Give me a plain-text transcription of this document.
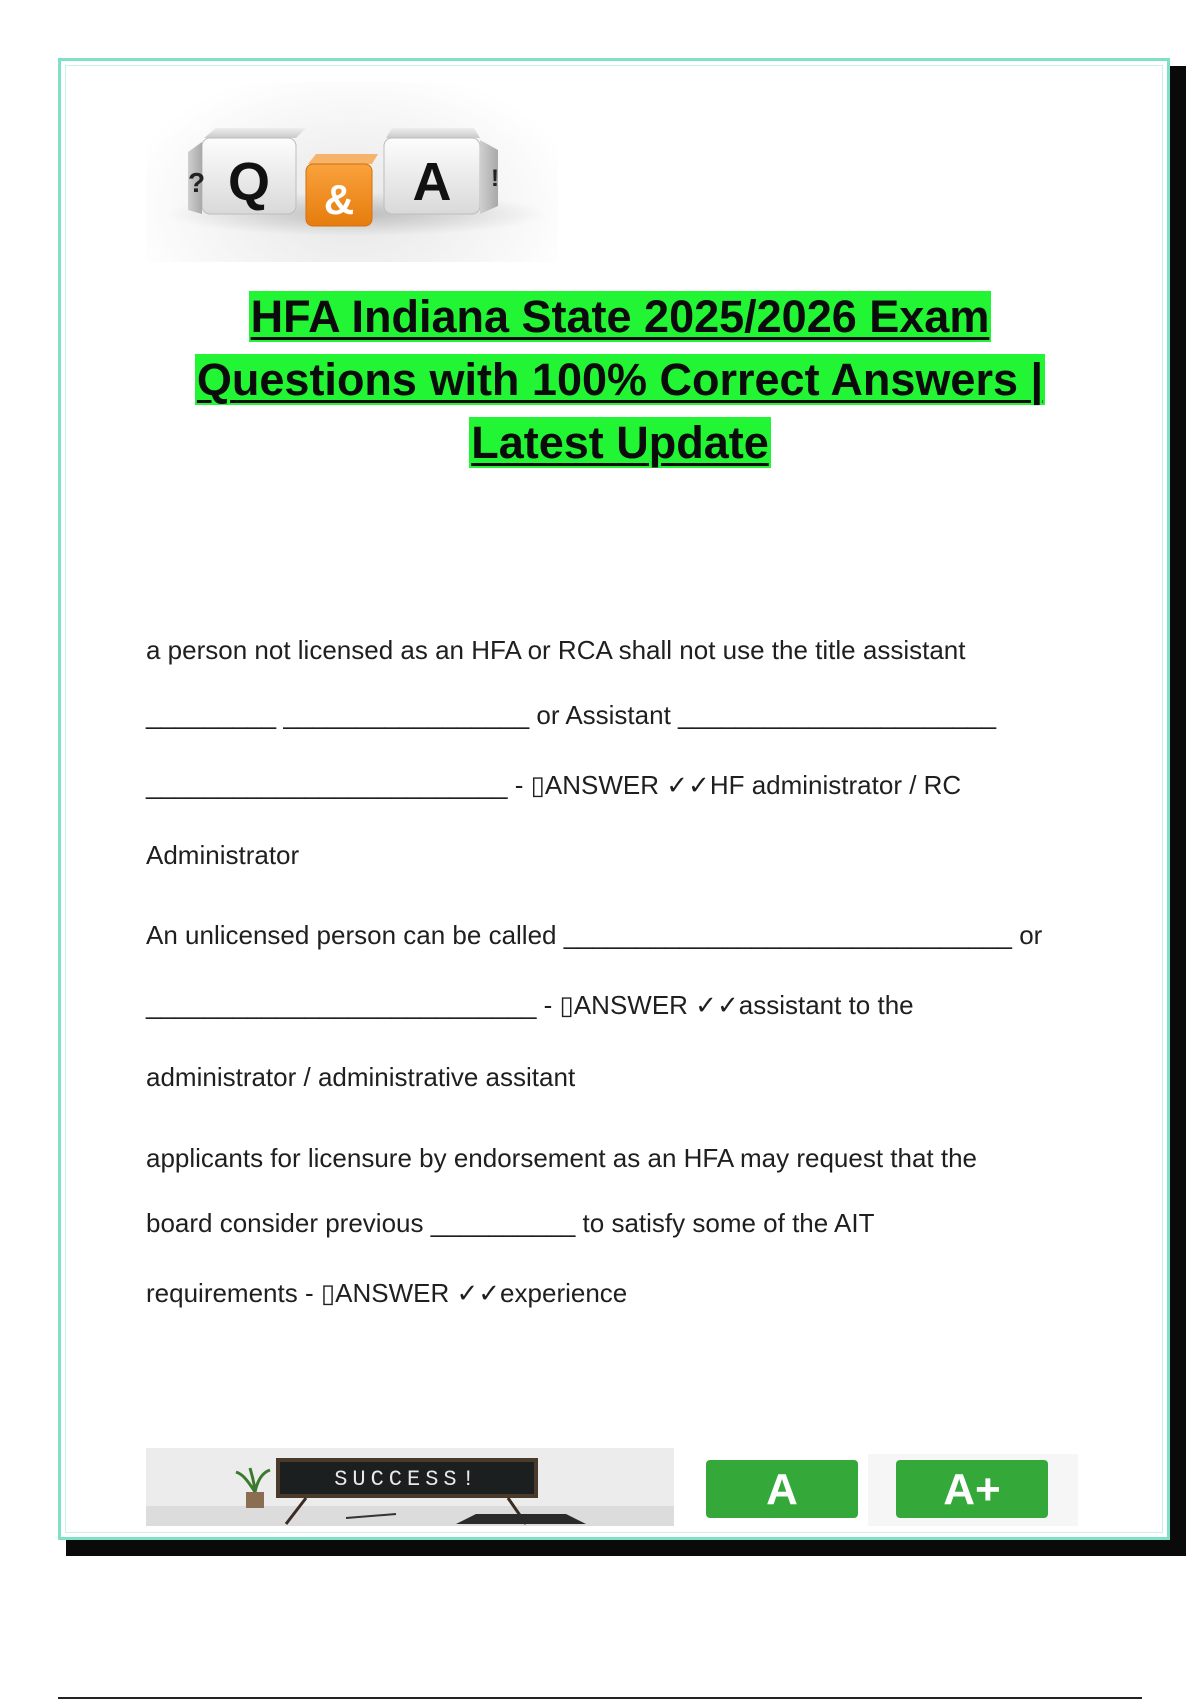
? Q &	!
A
HFA Indiana State 2025/2026 Exam
Questions with 100% Correct Answers |
Latest Update

a person not licensed as an HFA or RCA shall not use the title assistant

_________ _________________ or Assistant ______________________

_________________________ - ▯ANSWER ✓✓HF administrator / RC

Administrator

An unlicensed person can be called _______________________________ or

___________________________ - ▯ANSWER ✓✓assistant to the

administrator / administrative assitant

applicants for licensure by endorsement as an HFA may request that the

board consider previous __________ to satisfy some of the AIT

requirements - ▯ANSWER ✓✓experience

SUCCESS!	A	A+
